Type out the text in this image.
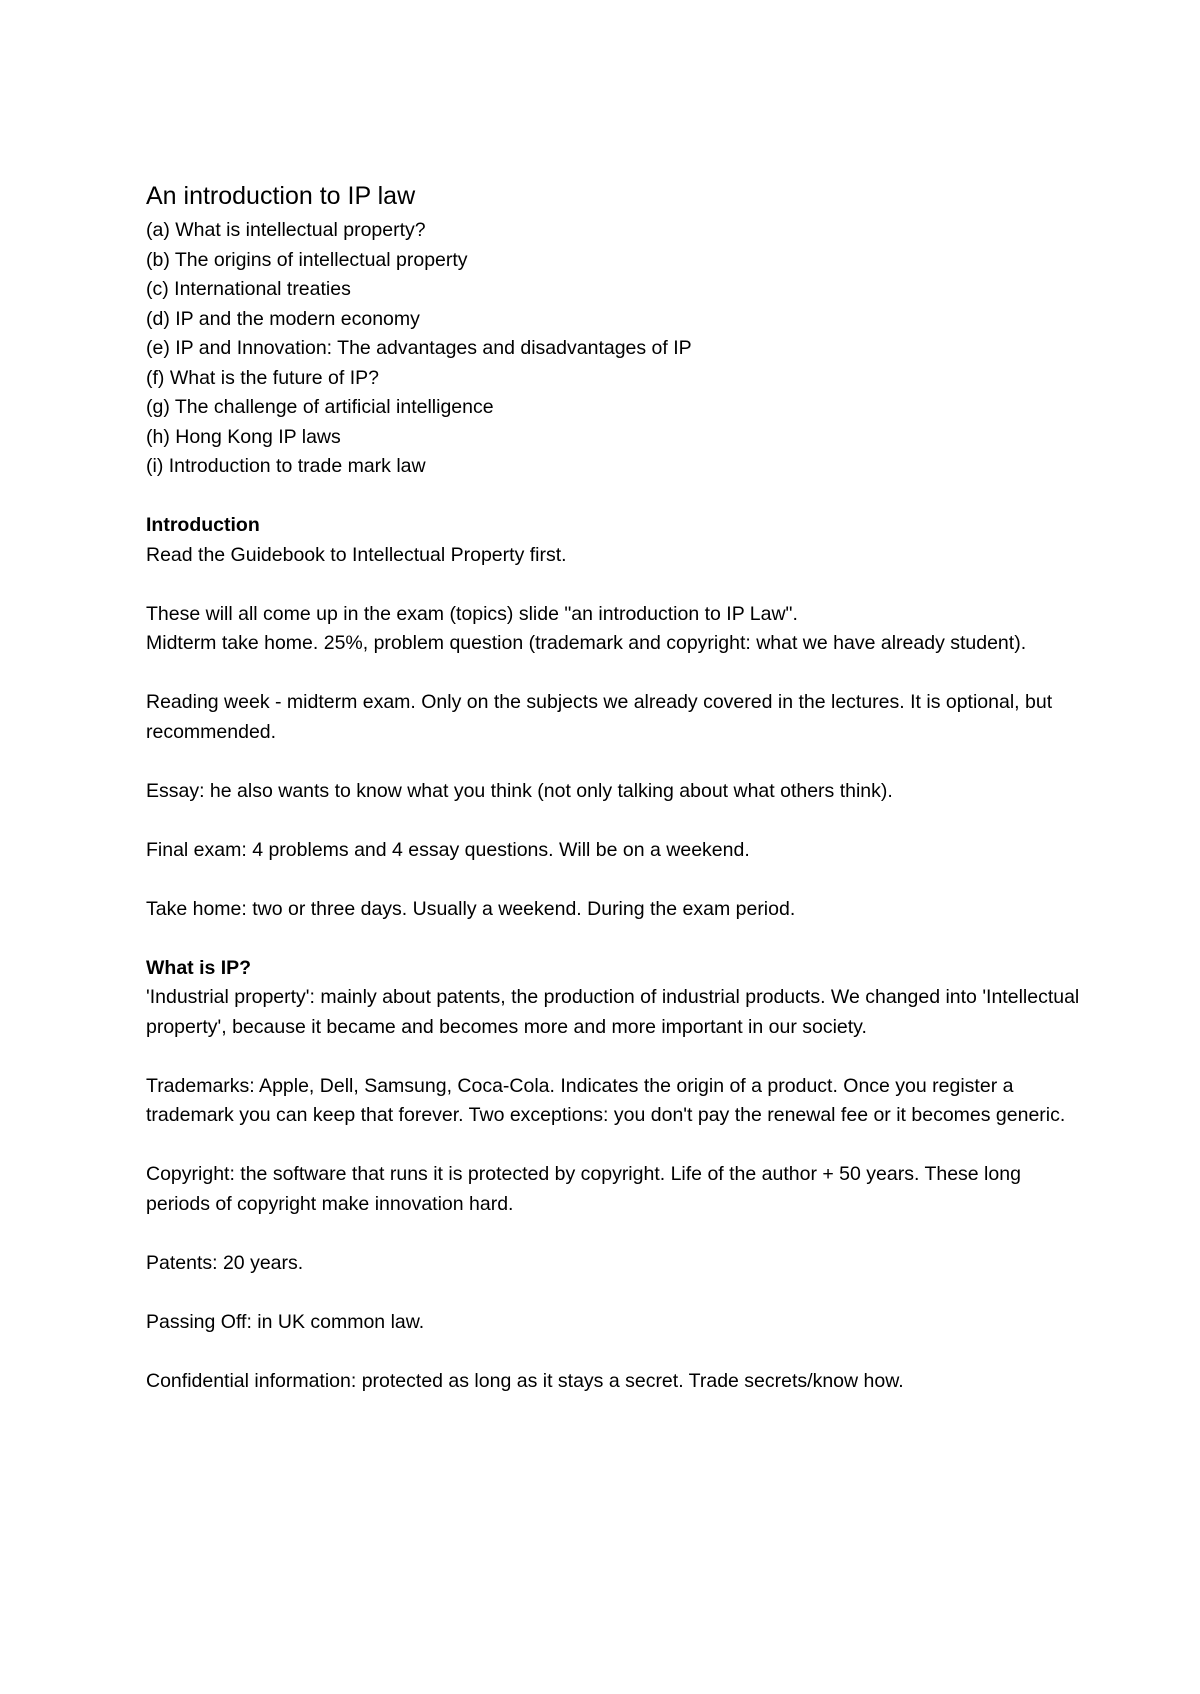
An introduction to IP law
(a) What is intellectual property?
(b) The origins of intellectual property
(c) International treaties
(d) IP and the modern economy
(e) IP and Innovation: The advantages and disadvantages of IP
(f) What is the future of IP?
(g) The challenge of artificial intelligence
(h) Hong Kong IP laws
(i) Introduction to trade mark law

Introduction

Read the Guidebook to Intellectual Property first.

These will all come up in the exam (topics) slide "an introduction to IP Law".

Midterm take home. 25%, problem question (trademark and copyright: what we have already student).

Reading week - midterm exam. Only on the subjects we already covered in the lectures. It is optional, but recommended.

Essay: he also wants to know what you think (not only talking about what others think).

Final exam: 4 problems and 4 essay questions. Will be on a weekend.

Take home: two or three days. Usually a weekend. During the exam period.

What is IP?

'Industrial property': mainly about patents, the production of industrial products. We changed into 'Intellectual property', because it became and becomes more and more important in our society.

Trademarks: Apple, Dell, Samsung, Coca-Cola. Indicates the origin of a product. Once you register a trademark you can keep that forever. Two exceptions: you don't pay the renewal fee or it becomes generic.

Copyright: the software that runs it is protected by copyright. Life of the author + 50 years. These long periods of copyright make innovation hard.

Patents: 20 years.

Passing Off: in UK common law.

Confidential information: protected as long as it stays a secret. Trade secrets/know how.
